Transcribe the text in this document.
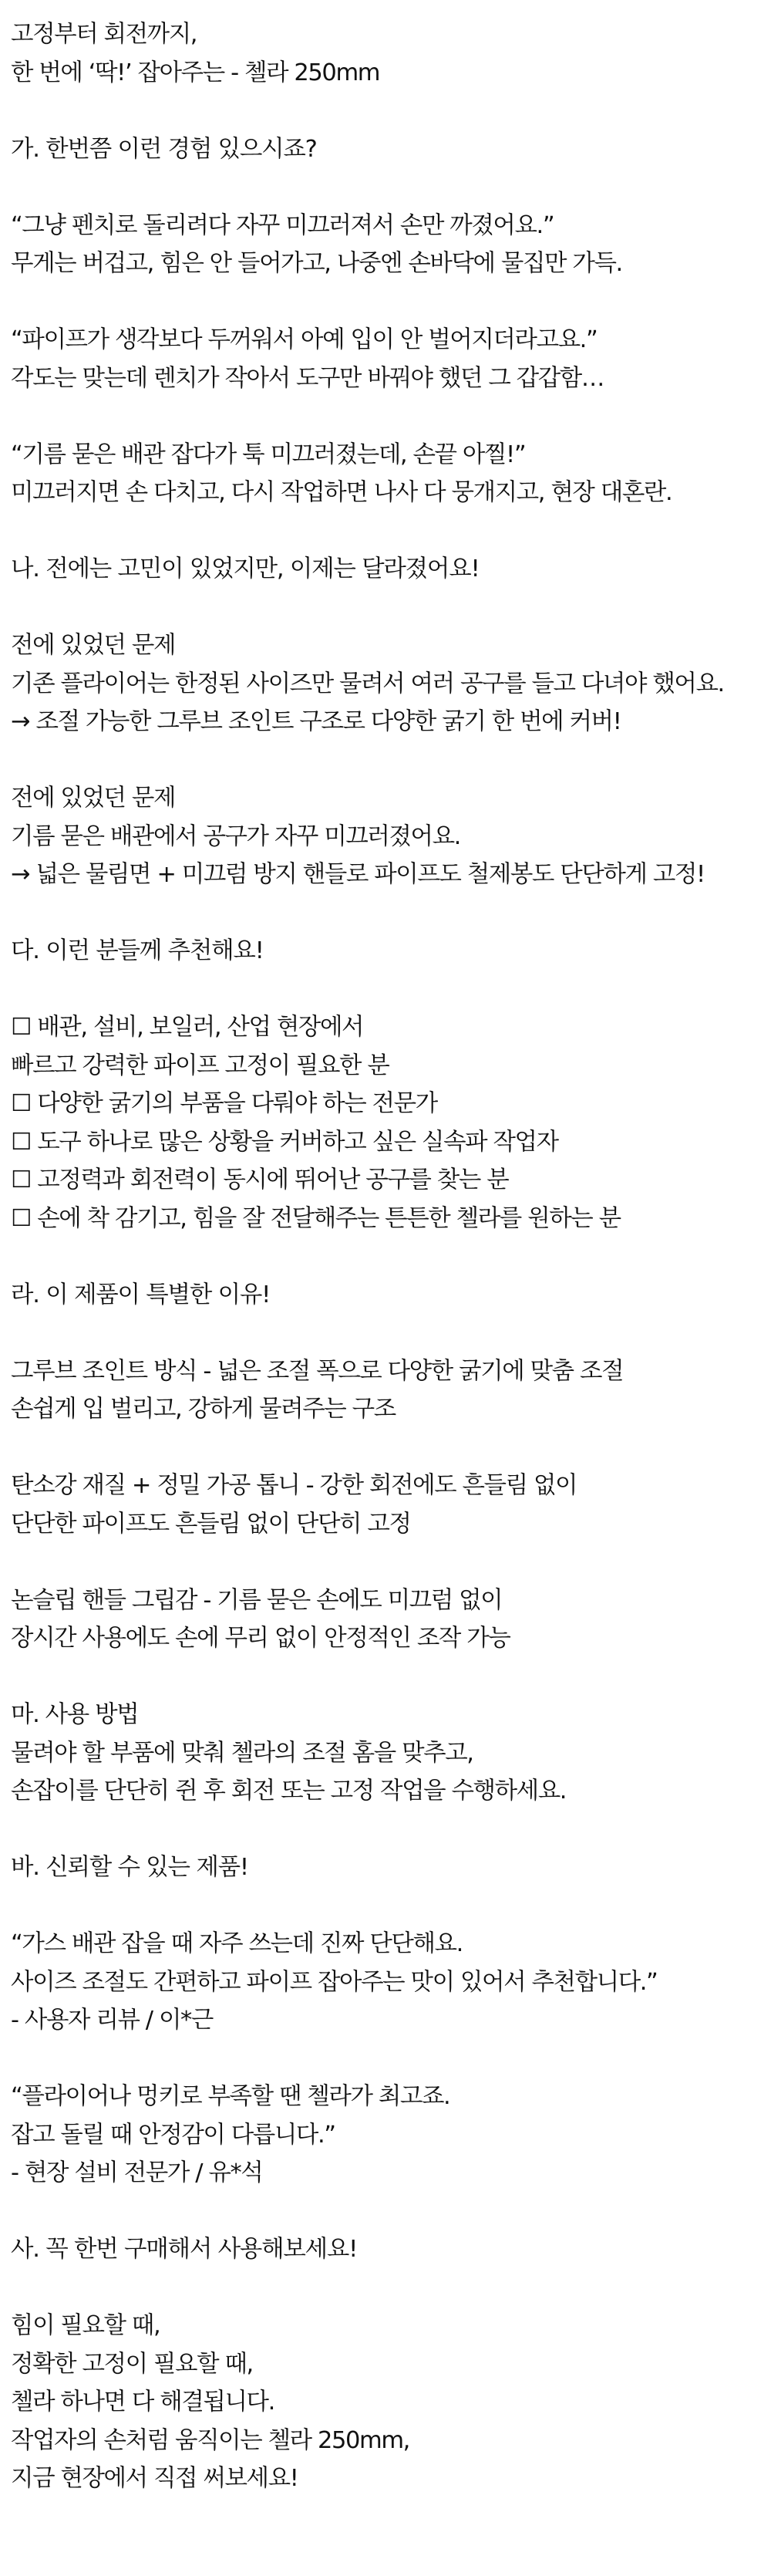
고정부터 회전까지,
한 번에 ‘딱!’ 잡아주는 - 첼라 250mm
가. 한번쯤 이런 경험 있으시죠?
“그냥 펜치로 돌리려다 자꾸 미끄러져서 손만 까졌어요.”
무게는 버겁고, 힘은 안 들어가고, 나중엔 손바닥에 물집만 가득.
“파이프가 생각보다 두꺼워서 아예 입이 안 벌어지더라고요.”
각도는 맞는데 렌치가 작아서 도구만 바꿔야 했던 그 갑갑함…
“기름 묻은 배관 잡다가 툭 미끄러졌는데, 손끝 아찔!”
미끄러지면 손 다치고, 다시 작업하면 나사 다 뭉개지고, 현장 대혼란.
나. 전에는 고민이 있었지만, 이제는 달라졌어요!
전에 있었던 문제
기존 플라이어는 한정된 사이즈만 물려서 여러 공구를 들고 다녀야 했어요.
→ 조절 가능한 그루브 조인트 구조로 다양한 굵기 한 번에 커버!
전에 있었던 문제
기름 묻은 배관에서 공구가 자꾸 미끄러졌어요.
→ 넓은 물림면 + 미끄럼 방지 핸들로 파이프도 철제봉도 단단하게 고정!
다. 이런 분들께 추천해요!
☐ 배관, 설비, 보일러, 산업 현장에서
빠르고 강력한 파이프 고정이 필요한 분
☐ 다양한 굵기의 부품을 다뤄야 하는 전문가
☐ 도구 하나로 많은 상황을 커버하고 싶은 실속파 작업자
☐ 고정력과 회전력이 동시에 뛰어난 공구를 찾는 분
☐ 손에 착 감기고, 힘을 잘 전달해주는 튼튼한 첼라를 원하는 분
라. 이 제품이 특별한 이유!
그루브 조인트 방식 - 넓은 조절 폭으로 다양한 굵기에 맞춤 조절
손쉽게 입 벌리고, 강하게 물려주는 구조
탄소강 재질 + 정밀 가공 톱니 - 강한 회전에도 흔들림 없이
단단한 파이프도 흔들림 없이 단단히 고정
논슬립 핸들 그립감 - 기름 묻은 손에도 미끄럼 없이
장시간 사용에도 손에 무리 없이 안정적인 조작 가능
마. 사용 방법
물려야 할 부품에 맞춰 첼라의 조절 홈을 맞추고,
손잡이를 단단히 쥔 후 회전 또는 고정 작업을 수행하세요.
바. 신뢰할 수 있는 제품!
“가스 배관 잡을 때 자주 쓰는데 진짜 단단해요.
사이즈 조절도 간편하고 파이프 잡아주는 맛이 있어서 추천합니다.”
- 사용자 리뷰 / 이*근
“플라이어나 멍키로 부족할 땐 첼라가 최고죠.
잡고 돌릴 때 안정감이 다릅니다.”
- 현장 설비 전문가 / 유*석
사. 꼭 한번 구매해서 사용해보세요!
힘이 필요할 때,
정확한 고정이 필요할 때,
첼라 하나면 다 해결됩니다.
작업자의 손처럼 움직이는 첼라 250mm,
지금 현장에서 직접 써보세요!
